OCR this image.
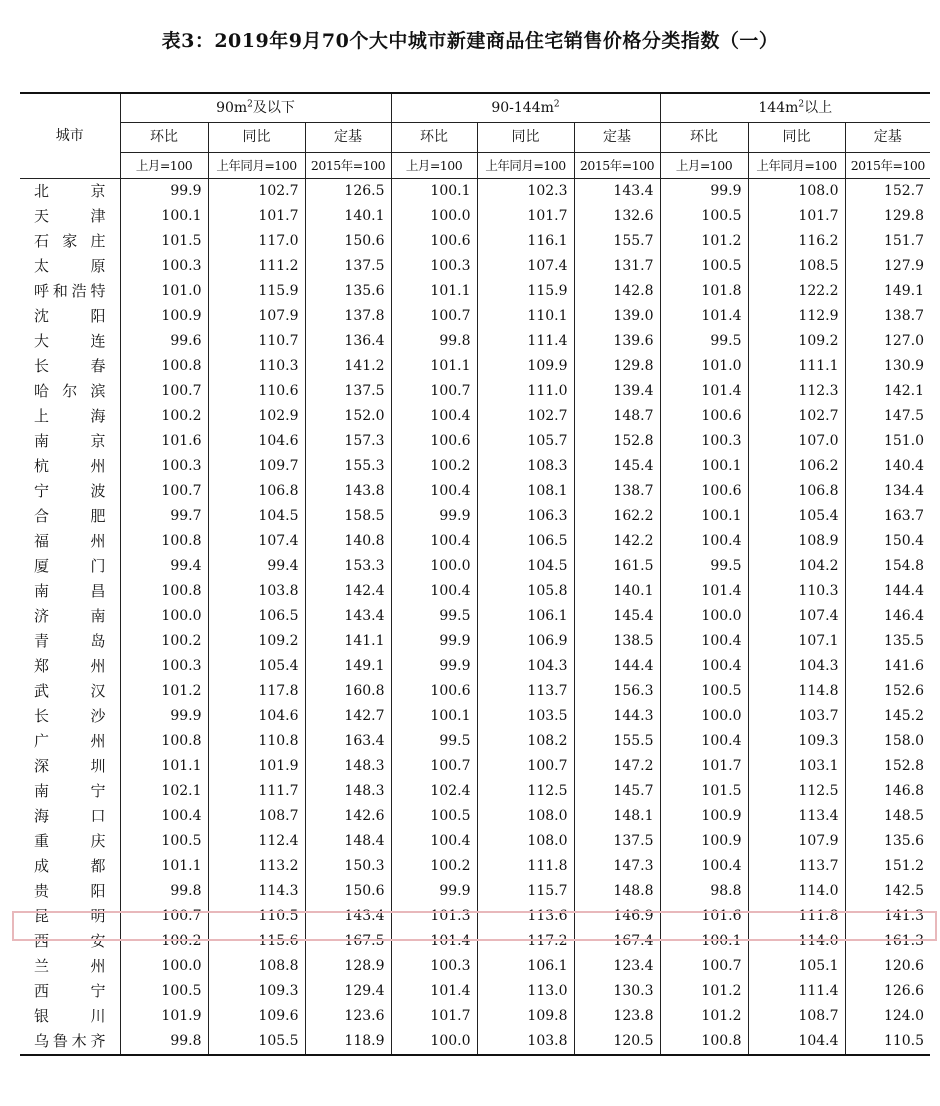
表3：2019年9月70个大中城市新建商品住宅销售价格分类指数（一）
城市	$90m^2$及以下			$90-144m^2$			$144m^2$以上		
	环比	同比	定基	环比	同比	定基	环比	同比	定基
	上月=100	上年同月=100	2015年=100	上月=100	上年同月=100	2015年=100	上月=100	上年同月=100	2015年=100
北京	99.9	102.7	126.5	100.1	102.3	143.4	99.9	108.0	152.7
天津	100.1	101.7	140.1	100.0	101.7	132.6	100.5	101.7	129.8
石家庄	101.5	117.0	150.6	100.6	116.1	155.7	101.2	116.2	151.7
太原	100.3	111.2	137.5	100.3	107.4	131.7	100.5	108.5	127.9
呼和浩特	101.0	115.9	135.6	101.1	115.9	142.8	101.8	122.2	149.1
沈阳	100.9	107.9	137.8	100.7	110.1	139.0	101.4	112.9	138.7
大连	99.6	110.7	136.4	99.8	111.4	139.6	99.5	109.2	127.0
长春	100.8	110.3	141.2	101.1	109.9	129.8	101.0	111.1	130.9
哈尔滨	100.7	110.6	137.5	100.7	111.0	139.4	101.4	112.3	142.1
上海	100.2	102.9	152.0	100.4	102.7	148.7	100.6	102.7	147.5
南京	101.6	104.6	157.3	100.6	105.7	152.8	100.3	107.0	151.0
杭州	100.3	109.7	155.3	100.2	108.3	145.4	100.1	106.2	140.4
宁波	100.7	106.8	143.8	100.4	108.1	138.7	100.6	106.8	134.4
合肥	99.7	104.5	158.5	99.9	106.3	162.2	100.1	105.4	163.7
福州	100.8	107.4	140.8	100.4	106.5	142.2	100.4	108.9	150.4
厦门	99.4	99.4	153.3	100.0	104.5	161.5	99.5	104.2	154.8
南昌	100.8	103.8	142.4	100.4	105.8	140.1	101.4	110.3	144.4
济南	100.0	106.5	143.4	99.5	106.1	145.4	100.0	107.4	146.4
青岛	100.2	109.2	141.1	99.9	106.9	138.5	100.4	107.1	135.5
郑州	100.3	105.4	149.1	99.9	104.3	144.4	100.4	104.3	141.6
武汉	101.2	117.8	160.8	100.6	113.7	156.3	100.5	114.8	152.6
长沙	99.9	104.6	142.7	100.1	103.5	144.3	100.0	103.7	145.2
广州	100.8	110.8	163.4	99.5	108.2	155.5	100.4	109.3	158.0
深圳	101.1	101.9	148.3	100.7	100.7	147.2	101.7	103.1	152.8
南宁	102.1	111.7	148.3	102.4	112.5	145.7	101.5	112.5	146.8
海口	100.4	108.7	142.6	100.5	108.0	148.1	100.9	113.4	148.5
重庆	100.5	112.4	148.4	100.4	108.0	137.5	100.9	107.9	135.6
成都	101.1	113.2	150.3	100.2	111.8	147.3	100.4	113.7	151.2
贵阳	99.8	114.3	150.6	99.9	115.7	148.8	98.8	114.0	142.5
昆明	100.7	110.5	143.4	101.3	113.6	146.9	101.6	111.8	141.3
西安	100.2	115.6	167.5	101.4	117.2	167.4	100.1	114.0	161.3
兰州	100.0	108.8	128.9	100.3	106.1	123.4	100.7	105.1	120.6
西宁	100.5	109.3	129.4	101.4	113.0	130.3	101.2	111.4	126.6
银川	101.9	109.6	123.6	101.7	109.8	123.8	101.2	108.7	124.0
乌鲁木齐	99.8	105.5	118.9	100.0	103.8	120.5	100.8	104.4	110.5
